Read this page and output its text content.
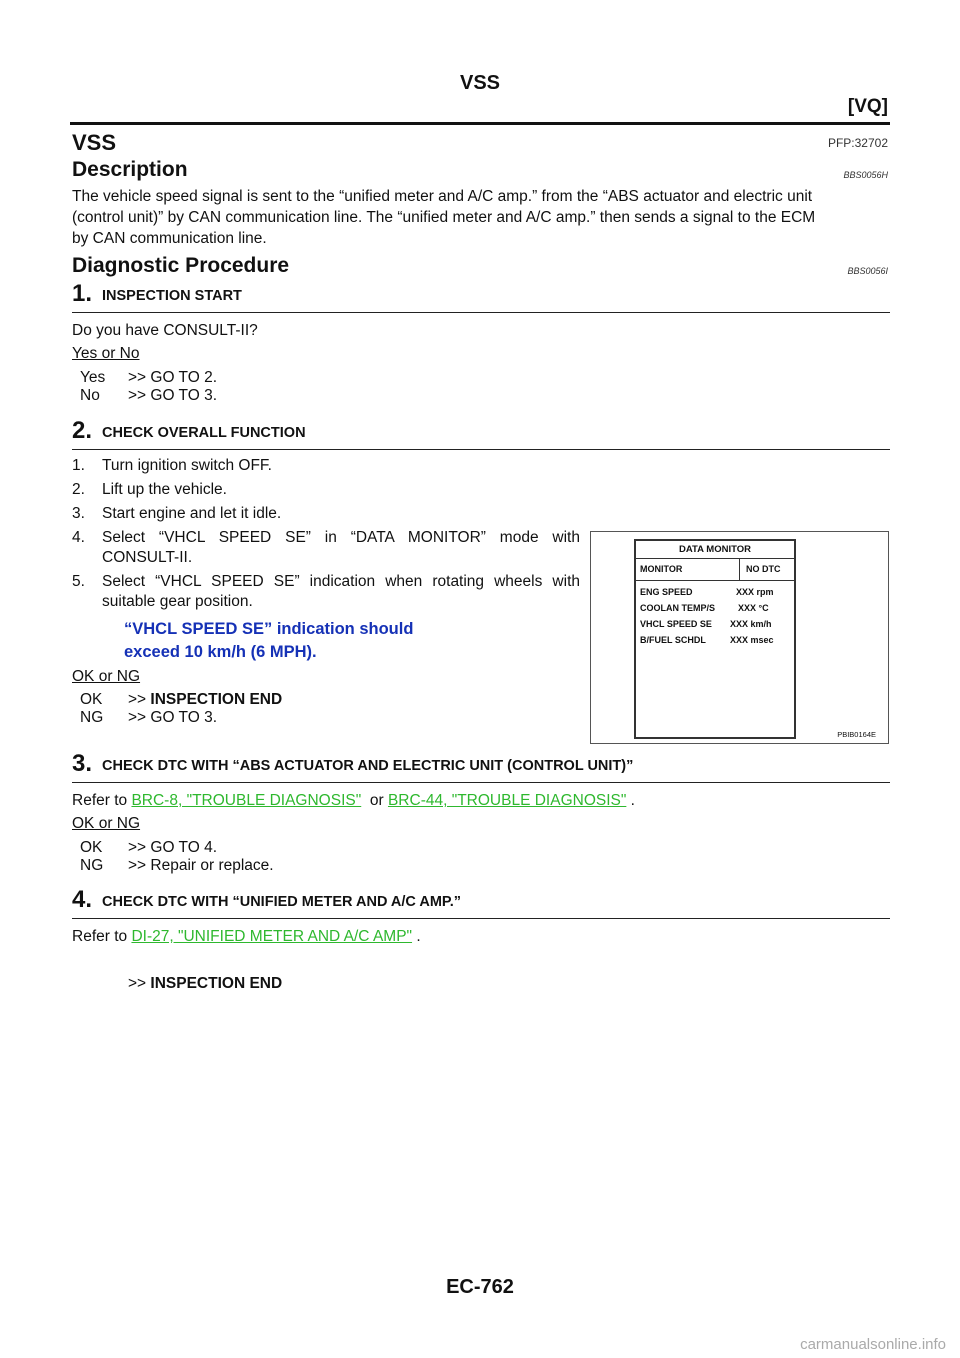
VSS
[VQ]
VSS	PFP:32702
Description	BBS0056H
The vehicle speed signal is sent to the “unified meter and A/C amp.” from the “ABS actuator and electric unit
(control unit)” by CAN communication line. The “unified meter and A/C amp.” then sends a signal to the ECM
by CAN communication line.
Diagnostic Procedure	BBS0056I
1. INSPECTION START
Do you have CONSULT-II?
Yes or No
Yes >> GO TO 2.
No >> GO TO 3.
2. CHECK OVERALL FUNCTION
1. Turn ignition switch OFF.
2. Lift up the vehicle.
3. Start engine and let it idle.
4. Select “VHCL SPEED SE” in “DATA MONITOR” mode with
CONSULT-II.
5. Select “VHCL SPEED SE” indication when rotating wheels with
suitable gear position.
“VHCL SPEED SE” indication should
exceed 10 km/h (6 MPH).
OK or NG
OK >> INSPECTION END
NG >> GO TO 3.
DATA MONITOR
MONITOR	NO DTC
ENG SPEED	XXX rpm
COOLAN TEMP/S	XXX °C
VHCL SPEED SE XXX km/h
B/FUEL SCHDL	XXX msec
PBIB0164E
3. CHECK DTC WITH “ABS ACTUATOR AND ELECTRIC UNIT (CONTROL UNIT)”
Refer to BRC-8, "TROUBLE DIAGNOSIS" or BRC-44, "TROUBLE DIAGNOSIS" .
OK or NG
OK >> GO TO 4.
NG >> Repair or replace.
4. CHECK DTC WITH “UNIFIED METER AND A/C AMP.”
Refer to DI-27, "UNIFIED METER AND A/C AMP" .
>> INSPECTION END
EC-762
carmanualsonline.info
